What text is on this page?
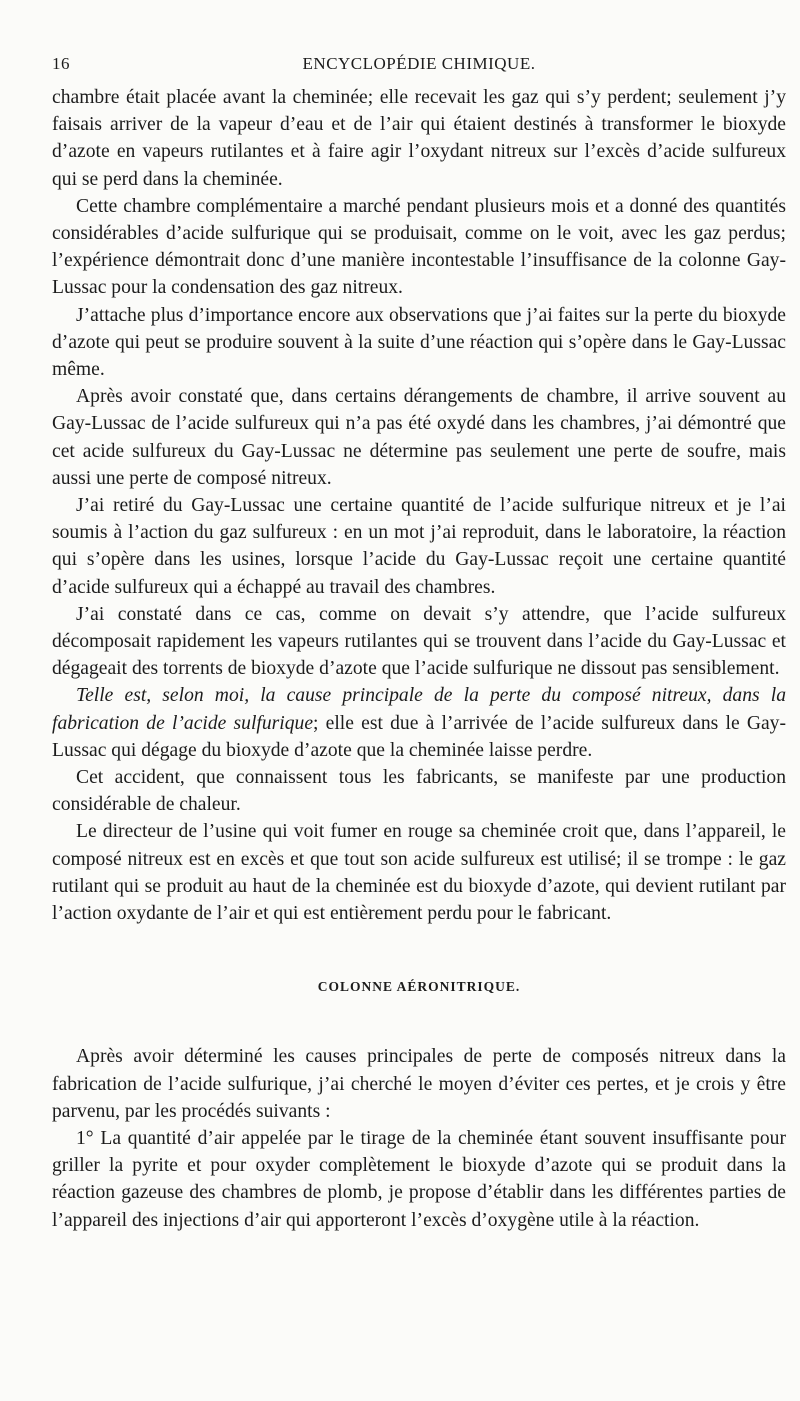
16	ENCYCLOPÉDIE CHIMIQUE.

chambre était placée avant la cheminée; elle recevait les gaz qui s’y perdent; seulement j’y faisais arriver de la vapeur d’eau et de l’air qui étaient destinés à transformer le bioxyde d’azote en vapeurs rutilantes et à faire agir l’oxydant nitreux sur l’excès d’acide sulfureux qui se perd dans la cheminée.

Cette chambre complémentaire a marché pendant plusieurs mois et a donné des quantités considérables d’acide sulfurique qui se produisait, comme on le voit, avec les gaz perdus; l’expérience démontrait donc d’une manière incontestable l’insuffisance de la colonne Gay-Lussac pour la condensation des gaz nitreux.

J’attache plus d’importance encore aux observations que j’ai faites sur la perte du bioxyde d’azote qui peut se produire souvent à la suite d’une réaction qui s’opère dans le Gay-Lussac même.

Après avoir constaté que, dans certains dérangements de chambre, il arrive souvent au Gay-Lussac de l’acide sulfureux qui n’a pas été oxydé dans les chambres, j’ai démontré que cet acide sulfureux du Gay-Lussac ne détermine pas seulement une perte de soufre, mais aussi une perte de composé nitreux.

J’ai retiré du Gay-Lussac une certaine quantité de l’acide sulfurique nitreux et je l’ai soumis à l’action du gaz sulfureux : en un mot j’ai reproduit, dans le laboratoire, la réaction qui s’opère dans les usines, lorsque l’acide du Gay-Lussac reçoit une certaine quantité d’acide sulfureux qui a échappé au travail des chambres.

J’ai constaté dans ce cas, comme on devait s’y attendre, que l’acide sulfureux décomposait rapidement les vapeurs rutilantes qui se trouvent dans l’acide du Gay-Lussac et dégageait des torrents de bioxyde d’azote que l’acide sulfurique ne dissout pas sensiblement.

Telle est, selon moi, la cause principale de la perte du composé nitreux, dans la fabrication de l’acide sulfurique; elle est due à l’arrivée de l’acide sulfureux dans le Gay-Lussac qui dégage du bioxyde d’azote que la cheminée laisse perdre.

Cet accident, que connaissent tous les fabricants, se manifeste par une production considérable de chaleur.

Le directeur de l’usine qui voit fumer en rouge sa cheminée croit que, dans l’appareil, le composé nitreux est en excès et que tout son acide sulfureux est utilisé; il se trompe : le gaz rutilant qui se produit au haut de la cheminée est du bioxyde d’azote, qui devient rutilant par l’action oxydante de l’air et qui est entièrement perdu pour le fabricant.

COLONNE AÉRONITRIQUE.

Après avoir déterminé les causes principales de perte de composés nitreux dans la fabrication de l’acide sulfurique, j’ai cherché le moyen d’éviter ces pertes, et je crois y être parvenu, par les procédés suivants :

1° La quantité d’air appelée par le tirage de la cheminée étant souvent insuffisante pour griller la pyrite et pour oxyder complètement le bioxyde d’azote qui se produit dans la réaction gazeuse des chambres de plomb, je propose d’établir dans les différentes parties de l’appareil des injections d’air qui apporteront l’excès d’oxygène utile à la réaction.
